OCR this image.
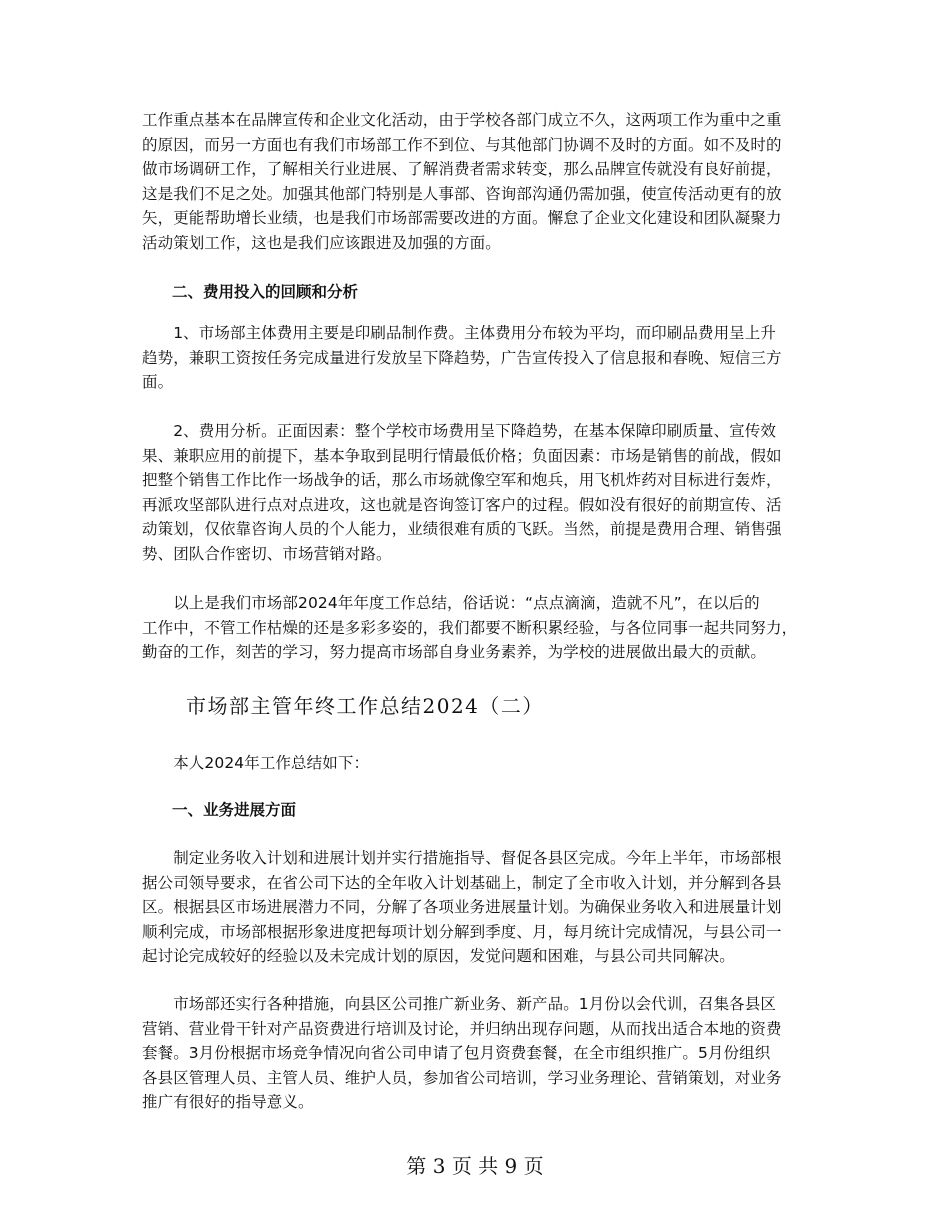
工作重点基本在品牌宣传和企业文化活动，由于学校各部门成立不久，这两项工作为重中之重
的原因，而另一方面也有我们市场部工作不到位、与其他部门协调不及时的方面。如不及时的
做市场调研工作，了解相关行业进展、了解消费者需求转变，那么品牌宣传就没有良好前提，
这是我们不足之处。加强其他部门特别是人事部、咨询部沟通仍需加强，使宣传活动更有的放
矢，更能帮助增长业绩，也是我们市场部需要改进的方面。懈怠了企业文化建设和团队凝聚力
活动策划工作，这也是我们应该跟进及加强的方面。
二、费用投入的回顾和分析
　　1、市场部主体费用主要是印刷品制作费。主体费用分布较为平均，而印刷品费用呈上升
趋势，兼职工资按任务完成量进行发放呈下降趋势，广告宣传投入了信息报和春晚、短信三方
面。
　　2、费用分析。正面因素：整个学校市场费用呈下降趋势，在基本保障印刷质量、宣传效
果、兼职应用的前提下，基本争取到昆明行情最低价格；负面因素：市场是销售的前战，假如
把整个销售工作比作一场战争的话，那么市场就像空军和炮兵，用飞机炸药对目标进行轰炸，
再派攻坚部队进行点对点进攻，这也就是咨询签订客户的过程。假如没有很好的前期宣传、活
动策划，仅依靠咨询人员的个人能力，业绩很难有质的飞跃。当然，前提是费用合理、销售强
势、团队合作密切、市场营销对路。
　　以上是我们市场部2024年年度工作总结，俗话说：“点点滴滴，造就不凡”，在以后的
工作中，不管工作枯燥的还是多彩多姿的，我们都要不断积累经验，与各位同事一起共同努力，
勤奋的工作，刻苦的学习，努力提高市场部自身业务素养，为学校的进展做出最大的贡献。
市场部主管年终工作总结2024（二）
　　本人2024年工作总结如下：
一、业务进展方面
　　制定业务收入计划和进展计划并实行措施指导、督促各县区完成。今年上半年，市场部根
据公司领导要求，在省公司下达的全年收入计划基础上，制定了全市收入计划，并分解到各县
区。根据县区市场进展潜力不同，分解了各项业务进展量计划。为确保业务收入和进展量计划
顺利完成，市场部根据形象进度把每项计划分解到季度、月，每月统计完成情况，与县公司一
起讨论完成较好的经验以及未完成计划的原因，发觉问题和困难，与县公司共同解决。
　　市场部还实行各种措施，向县区公司推广新业务、新产品。1月份以会代训，召集各县区
营销、营业骨干针对产品资费进行培训及讨论，并归纳出现存问题，从而找出适合本地的资费
套餐。3月份根据市场竞争情况向省公司申请了包月资费套餐，在全市组织推广。5月份组织
各县区管理人员、主管人员、维护人员，参加省公司培训，学习业务理论、营销策划，对业务
推广有很好的指导意义。
第 3 页 共 9 页
